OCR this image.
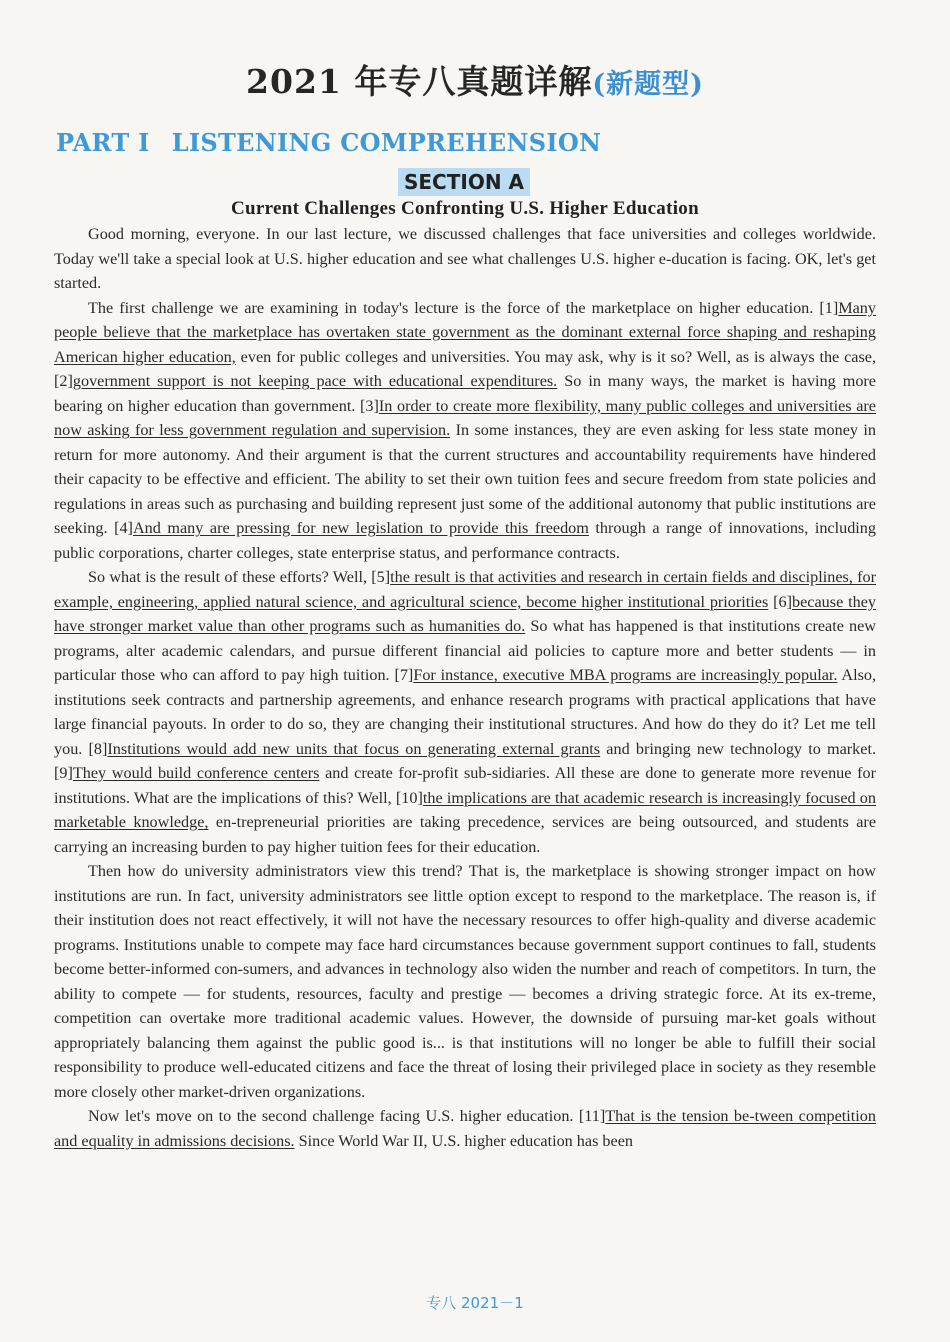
2021 年专八真题详解(新题型)
PART I LISTENING COMPREHENSION
SECTION A
Current Challenges Confronting U.S. Higher Education

Good morning, everyone. In our last lecture, we discussed challenges that face universities and colleges worldwide. Today we'll take a special look at U.S. higher education and see what challenges U.S. higher e-ducation is facing. OK, let's get started.

The first challenge we are examining in today's lecture is the force of the marketplace on higher education. [1]Many people believe that the marketplace has overtaken state government as the dominant external force shaping and reshaping American higher education, even for public colleges and universities. You may ask, why is it so? Well, as is always the case, [2]government support is not keeping pace with educational expenditures. So in many ways, the market is having more bearing on higher education than government. [3]In order to create more flexibility, many public colleges and universities are now asking for less government regulation and supervision. In some instances, they are even asking for less state money in return for more autonomy. And their argument is that the current structures and accountability requirements have hindered their capacity to be effective and efficient. The ability to set their own tuition fees and secure freedom from state policies and regulations in areas such as purchasing and building represent just some of the additional autonomy that public institutions are seeking. [4]And many are pressing for new legislation to provide this freedom through a range of innovations, including public corporations, charter colleges, state enterprise status, and performance contracts.

So what is the result of these efforts? Well, [5]the result is that activities and research in certain fields and disciplines, for example, engineering, applied natural science, and agricultural science, become higher institutional priorities [6]because they have stronger market value than other programs such as humanities do. So what has happened is that institutions create new programs, alter academic calendars, and pursue different financial aid policies to capture more and better students — in particular those who can afford to pay high tuition. [7]For instance, executive MBA programs are increasingly popular. Also, institutions seek contracts and partnership agreements, and enhance research programs with practical applications that have large financial payouts. In order to do so, they are changing their institutional structures. And how do they do it? Let me tell you. [8]Institutions would add new units that focus on generating external grants and bringing new technology to market. [9]They would build conference centers and create for-profit sub-sidiaries. All these are done to generate more revenue for institutions. What are the implications of this? Well, [10]the implications are that academic research is increasingly focused on marketable knowledge, en-trepreneurial priorities are taking precedence, services are being outsourced, and students are carrying an increasing burden to pay higher tuition fees for their education.

Then how do university administrators view this trend? That is, the marketplace is showing stronger impact on how institutions are run. In fact, university administrators see little option except to respond to the marketplace. The reason is, if their institution does not react effectively, it will not have the necessary resources to offer high-quality and diverse academic programs. Institutions unable to compete may face hard circumstances because government support continues to fall, students become better-informed con-sumers, and advances in technology also widen the number and reach of competitors. In turn, the ability to compete — for students, resources, faculty and prestige — becomes a driving strategic force. At its ex-treme, competition can overtake more traditional academic values. However, the downside of pursuing mar-ket goals without appropriately balancing them against the public good is... is that institutions will no longer be able to fulfill their social responsibility to produce well-educated citizens and face the threat of losing their privileged place in society as they resemble more closely other market-driven organizations.

Now let's move on to the second challenge facing U.S. higher education. [11]That is the tension be-tween competition and equality in admissions decisions. Since World War II, U.S. higher education has been

专八 2021－1
